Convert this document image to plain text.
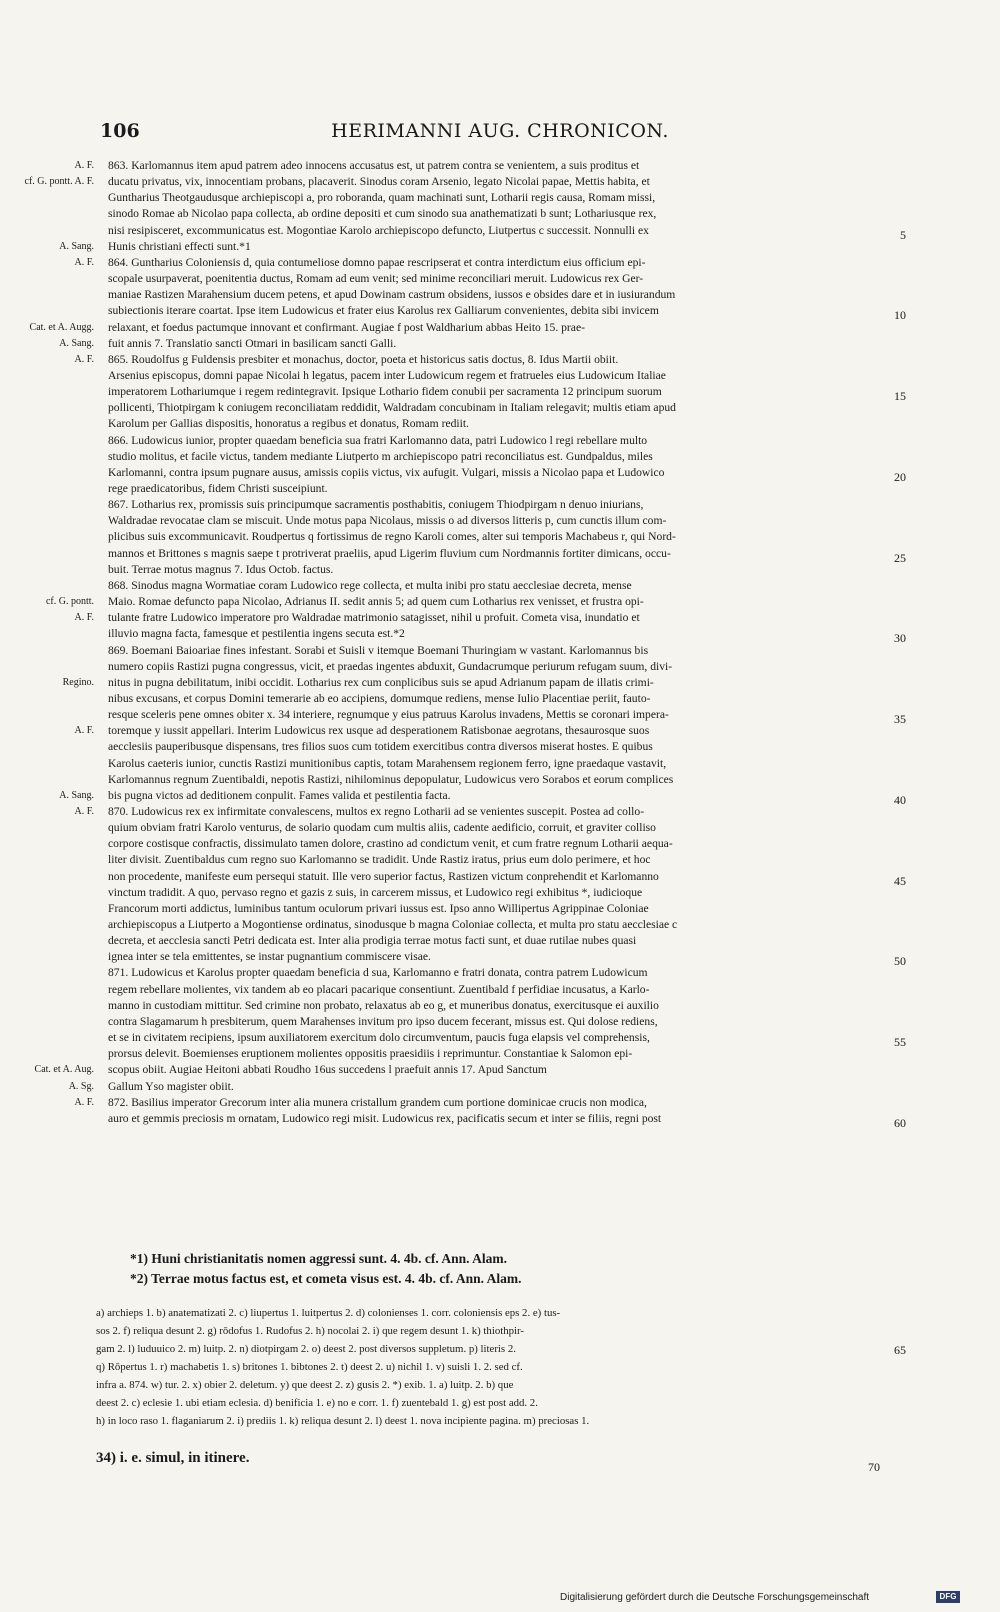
106	HERIMANNI AUG. CHRONICON.
863. Karlomannus item apud patrem adeo innocens accusatus est, ut patrem contra se venientem, a suis proditus et
A. F.
ducatu privatus, vix, innocentiam probans, placaverit. Sinodus coram Arsenio, legato Nicolai papae, Mettis habita, et
cf. G. pontt. A. F.
Guntharius Theotgaudusque archiepiscopi a, pro roboranda, quam machinati sunt, Lotharii regis causa, Romam missi,
sinodo Romae ab Nicolao papa collecta, ab ordine depositi et cum sinodo sua anathematizati b sunt; Lothariusque rex,
nisi resipisceret, excommunicatus est. Mogontiae Karolo archiepiscopo defuncto, Liutpertus c successit. Nonnulli ex	5
Hunis christiani effecti sunt.*1
A. Sang.
864. Guntharius Coloniensis d, quia contumeliose domno papae rescripserat et contra interdictum eius officium epi-
A. F.
scopale usurpaverat, poenitentia ductus, Romam ad eum venit; sed minime reconciliari meruit. Ludowicus rex Ger-
maniae Rastizen Marahensium ducem petens, et apud Dowinam castrum obsidens, iussos e obsides dare et in iusiurandum
subiectionis iterare coartat. Ipse item Ludowicus et frater eius Karolus rex Galliarum convenientes, debita sibi invicem	10
relaxant, et foedus pactumque innovant et confirmant. Augiae f post Waldharium abbas Heito 15. prae-
Cat. et A. Augg.
fuit annis 7. Translatio sancti Otmari in basilicam sancti Galli.
A. Sang.
865. Roudolfus g Fuldensis presbiter et monachus, doctor, poeta et historicus satis doctus, 8. Idus Martii obiit.
A. F.
Arsenius episcopus, domni papae Nicolai h legatus, pacem inter Ludowicum regem et fratrueles eius Ludowicum Italiae
imperatorem Lothariumque i regem redintegravit. Ipsique Lothario fidem conubii per sacramenta 12 principum suorum	15
pollicenti, Thiotpirgam k coniugem reconciliatam reddidit, Waldradam concubinam in Italiam relegavit; multis etiam apud
Karolum per Gallias dispositis, honoratus a regibus et donatus, Romam rediit.
866. Ludowicus iunior, propter quaedam beneficia sua fratri Karlomanno data, patri Ludowico l regi rebellare multo
studio molitus, et facile victus, tandem mediante Liutperto m archiepiscopo patri reconciliatus est. Gundpaldus, miles
Karlomanni, contra ipsum pugnare ausus, amissis copiis victus, vix aufugit. Vulgari, missis a Nicolao papa et Ludowico	20
rege praedicatoribus, fidem Christi susceipiunt.
867. Lotharius rex, promissis suis principumque sacramentis posthabitis, coniugem Thiodpirgam n denuo iniurians,
Waldradae revocatae clam se miscuit. Unde motus papa Nicolaus, missis o ad diversos litteris p, cum cunctis illum com-
plicibus suis excommunicavit. Roudpertus q fortissimus de regno Karoli comes, alter sui temporis Machabeus r, qui Nord-
mannos et Brittones s magnis saepe t protriverat praeliis, apud Ligerim fluvium cum Nordmannis fortiter dimicans, occu-	25
buit. Terrae motus magnus 7. Idus Octob. factus.
868. Sinodus magna Wormatiae coram Ludowico rege collecta, et multa inibi pro statu aecclesiae decreta, mense
Maio. Romae defuncto papa Nicolao, Adrianus II. sedit annis 5; ad quem cum Lotharius rex venisset, et frustra opi-
cf. G. pontt.
tulante fratre Ludowico imperatore pro Waldradae matrimonio satagisset, nihil u profuit. Cometa visa, inundatio et
A. F.
illuvio magna facta, famesque et pestilentia ingens secuta est.*2	30
869. Boemani Baioariae fines infestant. Sorabi et Suisli v itemque Boemani Thuringiam w vastant. Karlomannus bis
numero copiis Rastizi pugna congressus, vicit, et praedas ingentes abduxit, Gundacrumque periurum refugam suum, divi-
nitus in pugna debilitatum, inibi occidit. Lotharius rex cum conplicibus suis se apud Adrianum papam de illatis crimi-
Regino.
nibus excusans, et corpus Domini temerarie ab eo accipiens, domumque rediens, mense Iulio Placentiae periit, fauto-
resque sceleris pene omnes obiter x. 34 interiere, regnumque y eius patruus Karolus invadens, Mettis se coronari impera-	35
toremque y iussit appellari. Interim Ludowicus rex usque ad desperationem Ratisbonae aegrotans, thesaurosque suos
A. F.
aecclesiis pauperibusque dispensans, tres filios suos cum totidem exercitibus contra diversos miserat hostes. E quibus
Karolus caeteris iunior, cunctis Rastizi munitionibus captis, totam Marahensem regionem ferro, igne praedaque vastavit,
Karlomannus regnum Zuentibaldi, nepotis Rastizi, nihilominus depopulatur, Ludowicus vero Sorabos et eorum complices
bis pugna victos ad deditionem conpulit. Fames valida et pestilentia facta.
A. Sang.	40
870. Ludowicus rex ex infirmitate convalescens, multos ex regno Lotharii ad se venientes suscepit. Postea ad collo-
A. F.
quium obviam fratri Karolo venturus, de solario quodam cum multis aliis, cadente aedificio, corruit, et graviter colliso
corpore costisque confractis, dissimulato tamen dolore, crastino ad condictum venit, et cum fratre regnum Lotharii aequa-
liter divisit. Zuentibaldus cum regno suo Karlomanno se tradidit. Unde Rastiz iratus, prius eum dolo perimere, et hoc
non procedente, manifeste eum persequi statuit. Ille vero superior factus, Rastizen victum conprehendit et Karlomanno	45
vinctum tradidit. A quo, pervaso regno et gazis z suis, in carcerem missus, et Ludowico regi exhibitus *, iudicioque
Francorum morti addictus, luminibus tantum oculorum privari iussus est. Ipso anno Willipertus Agrippinae Coloniae
archiepiscopus a Liutperto a Mogontiense ordinatus, sinodusque b magna Coloniae collecta, et multa pro statu aecclesiae c
decreta, et aecclesia sancti Petri dedicata est. Inter alia prodigia terrae motus facti sunt, et duae rutilae nubes quasi
igneа inter se tela emittentes, se instar pugnantium commiscere visae.	50
871. Ludowicus et Karolus propter quaedam beneficia d sua, Karlomanno e fratri donata, contra patrem Ludowicum
regem rebellare molientes, vix tandem ab eo placari pacarique consentiunt. Zuentibald f perfidiae incusatus, a Karlo-
manno in custodiam mittitur. Sed crimine non probato, relaxatus ab eo g, et muneribus donatus, exercitusque ei auxilio
contra Slagamarum h presbiterum, quem Marahenses invitum pro ipso ducem fecerant, missus est. Qui dolose rediens,
et se in civitatem recipiens, ipsum auxiliatorem exercitum dolo circumventum, paucis fuga elapsis vel comprehensis,	55
prorsus delevit. Boemienses eruptionem molientes oppositis praesidiis i reprimuntur. Constantiae k Salomon epi-
scopus obiit. Augiae Heitoni abbati Roudho 16us succedens l praefuit annis 17. Apud Sanctum
Cat. et A. Aug.
Gallum Yso magister obiit.
A. Sg.
872. Basilius imperator Grecorum inter alia munera cristallum grandem cum portione dominicae crucis non modica,
A. F.
auro et gemmis preciosis m ornatam, Ludowico regi misit. Ludowicus rex, pacificatis secum et inter se filiis, regni post	60
*1) Huni christianitatis nomen aggressi sunt. 4. 4b. cf. Ann. Alam.
*2) Terrae motus factus est, et cometa visus est. 4. 4b. cf. Ann. Alam.
a) archieps 1. b) anatematizati 2. c) liupertus 1. luitpertus 2. d) colonienses 1. corr. coloniensis eps 2. e) tus-
sos 2. f) reliqua desunt 2. g) rōdofus 1. Rudofus 2. h) nocolai 2. i) que regem desunt 1. k) thiothpir-
gam 2. l) luduuico 2. m) luitp. 2. n) diotpirgam 2. o) deest 2. post diversos suppletum. p) literis 2.	65
q) Rōpertus 1. r) machabetis 1. s) britones 1. bibtones 2. t) deest 2. u) nichil 1. v) suisli 1. 2. sed cf.
infra a. 874. w) tur. 2. x) obier 2. deletum. y) que deest 2. z) gusis 2. *) exib. 1. a) luitp. 2. b) que
deest 2. c) eclesie 1. ubi etiam eclesia. d) benificia 1. e) no e corr. 1. f) zuentebald 1. g) est post add. 2.
h) in loco raso 1. flaganiarum 2. i) prediis 1. k) reliqua desunt 2. l) deest 1. nova incipiente pagina. m) preciosas 1.
34) i. e. simul, in itinere.
70
Digitalisierung gefördert durch die Deutsche Forschungsgemeinschaft	DFG
